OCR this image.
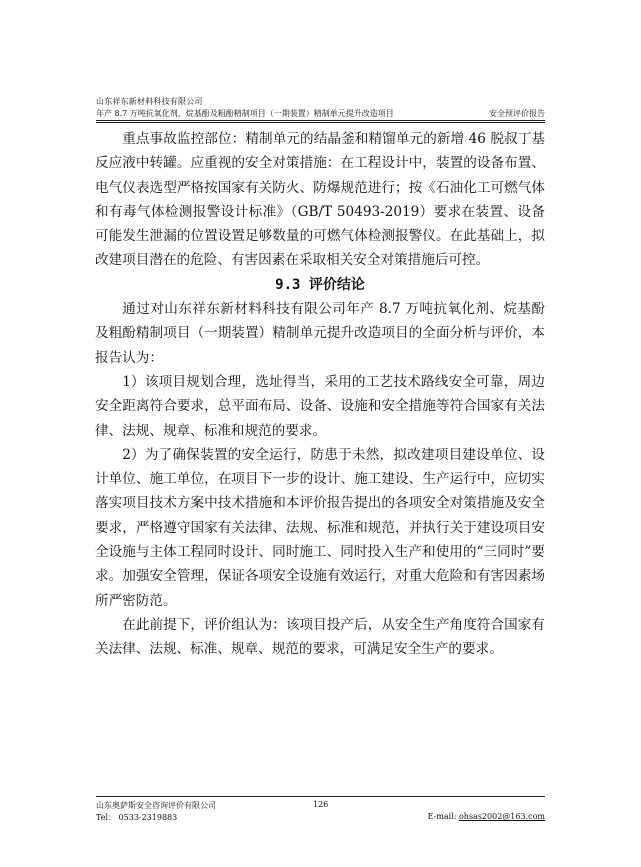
山东祥东新材料科技有限公司
年产 8.7 万吨抗氧化剂、烷基酚及粗酚精制项目（一期装置）精制单元提升改造项目	安全预评价报告

重点事故监控部位：精制单元的结晶釜和精馏单元的新增 46 脱叔丁基反应液中转罐。应重视的安全对策措施：在工程设计中，装置的设备布置、电气仪表选型严格按国家有关防火、防爆规范进行；按《石油化工可燃气体和有毒气体检测报警设计标准》（GB/T 50493-2019）要求在装置、设备可能发生泄漏的位置设置足够数量的可燃气体检测报警仪。在此基础上，拟改建项目潜在的危险、有害因素在采取相关安全对策措施后可控。

9.3 评价结论

通过对山东祥东新材料科技有限公司年产 8.7 万吨抗氧化剂、烷基酚及粗酚精制项目（一期装置）精制单元提升改造项目的全面分析与评价，本报告认为：

1）该项目规划合理，选址得当，采用的工艺技术路线安全可靠，周边安全距离符合要求，总平面布局、设备、设施和安全措施等符合国家有关法律、法规、规章、标准和规范的要求。

2）为了确保装置的安全运行，防患于未然，拟改建项目建设单位、设计单位、施工单位，在项目下一步的设计、施工建设、生产运行中，应切实落实项目技术方案中技术措施和本评价报告提出的各项安全对策措施及安全要求，严格遵守国家有关法律、法规、标准和规范，并执行关于建设项目安全设施与主体工程同时设计、同时施工、同时投入生产和使用的“三同时”要求。加强安全管理，保证各项安全设施有效运行，对重大危险和有害因素场所严密防范。

在此前提下，评价组认为：该项目投产后，从安全生产角度符合国家有关法律、法规、标准、规章、规范的要求，可满足安全生产的要求。

山东奥萨斯安全咨询评价有限公司	126
Tel： 0533-2319883	E-mail: ohsas2002@163.com
